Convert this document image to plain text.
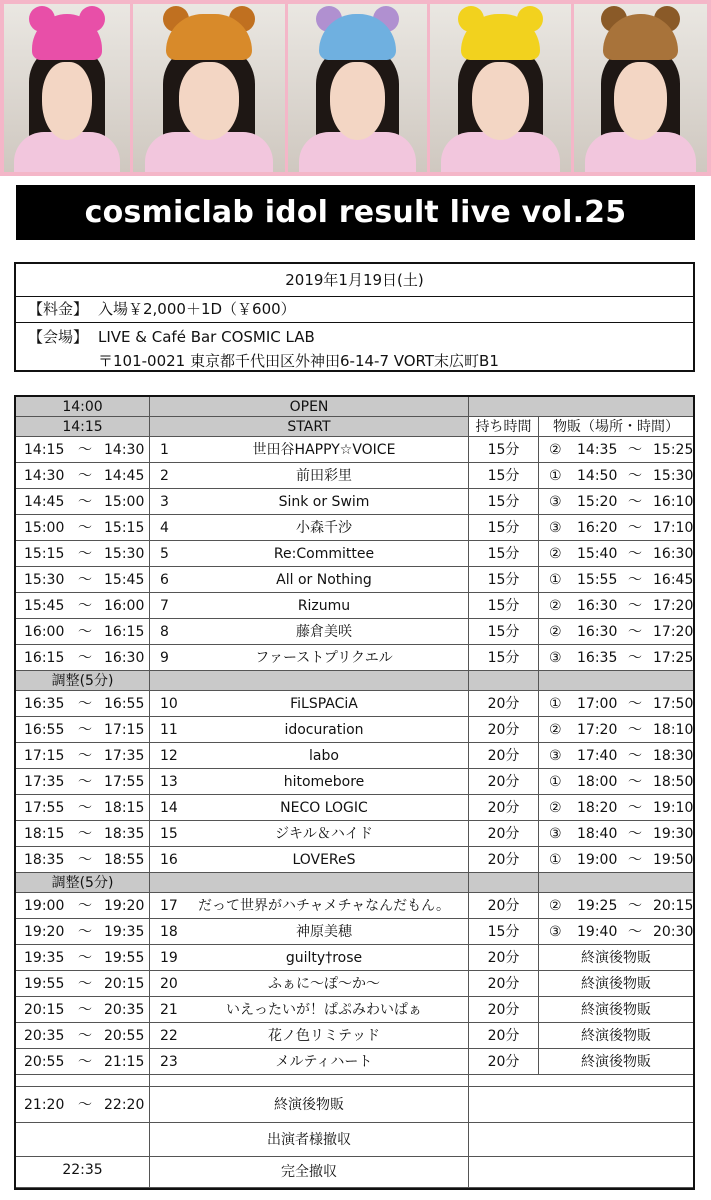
cosmiclab idol result live vol.25
2019年1月19日(土)
【料金】 入場￥2,000＋1D（￥600）
【会場】 LIVE & Café Bar COSMIC LAB
〒101-0021 東京都千代田区外神田6-14-7 VORT末広町B1
14:00	OPEN
14:15	START	持ち時間	物販（場所・時間）
14:15 〜 14:30	1	世田谷HAPPY☆VOICE	15分	② 14:35 〜 15:25
14:30 〜 14:45	2	前田彩里	15分	① 14:50 〜 15:30
14:45 〜 15:00	3	Sink or Swim	15分	③ 15:20 〜 16:10
15:00 〜 15:15	4	小森千沙	15分	③ 16:20 〜 17:10
15:15 〜 15:30	5	Re:Committee	15分	② 15:40 〜 16:30
15:30 〜 15:45	6	All or Nothing	15分	① 15:55 〜 16:45
15:45 〜 16:00	7	Rizumu	15分	② 16:30 〜 17:20
16:00 〜 16:15	8	藤倉美咲	15分	② 16:30 〜 17:20
16:15 〜 16:30	9	ファーストプリクエル	15分	③ 16:35 〜 17:25
調整(5分)
16:35 〜 16:55	10	FiLSPACiA	20分	① 17:00 〜 17:50
16:55 〜 17:15	11	idocuration	20分	② 17:20 〜 18:10
17:15 〜 17:35	12	labo	20分	③ 17:40 〜 18:30
17:35 〜 17:55	13	hitomebore	20分	① 18:00 〜 18:50
17:55 〜 18:15	14	NECO LOGIC	20分	② 18:20 〜 19:10
18:15 〜 18:35	15	ジキル＆ハイド	20分	③ 18:40 〜 19:30
18:35 〜 18:55	16	LOVEReS	20分	① 19:00 〜 19:50
調整(5分)
19:00 〜 19:20	17	だって世界がハチャメチャなんだもん。	20分	② 19:25 〜 20:15
19:20 〜 19:35	18	神原美穂	15分	③ 19:40 〜 20:30
19:35 〜 19:55	19	guilty†rose	20分	終演後物販
19:55 〜 20:15	20	ふぁに〜ぽ〜か〜	20分	終演後物販
20:15 〜 20:35	21	いえったいが！ぱぷみわいぱぁ	20分	終演後物販
20:35 〜 20:55	22	花ノ色リミテッド	20分	終演後物販
20:55 〜 21:15	23	メルティハート	20分	終演後物販
21:20 〜 22:20	終演後物販
出演者様撤収
22:35	完全撤収
